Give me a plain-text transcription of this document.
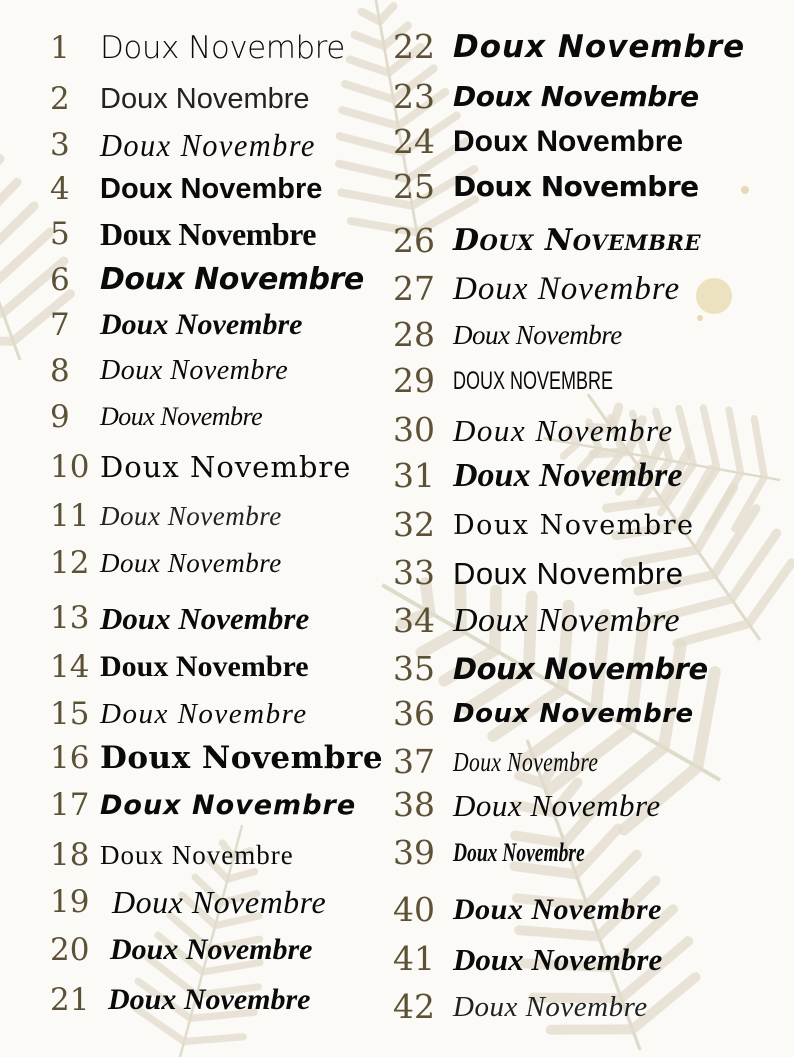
1 Doux Novembre
2	Doux Novembre
3 Doux Novembre
4	Doux Novembre
5 Doux Novembre
6	Doux Novembre
7	Doux Novembre
8	Doux Novembre
9	Doux Novembre
10 Doux Novembre
11 Doux Novembre
12 Doux Novembre
13 Doux Novembre
14 Doux Novembre
15 Doux Novembre
16 Doux Novembre
17 Doux Novembre
18 Doux Novembre
19 Doux Novembre
20 Doux Novembre
21 Doux Novembre
22 Doux Novembre
23 Doux Novembre
24 Doux Novembre
25 Doux Novembre
26 Doux Novembre
27 Doux Novembre
28 Doux Novembre
29 DOUX NOVEMBRE
30 Doux Novembre
31 Doux Novembre
32 Doux Novembre
33 Doux Novembre
34 Doux Novembre
35 Doux Novembre
36 Doux Novembre
37 Doux Novembre
38 Doux Novembre
39 Doux Novembre
40 Doux Novembre
41 Doux Novembre
42 Doux Novembre
